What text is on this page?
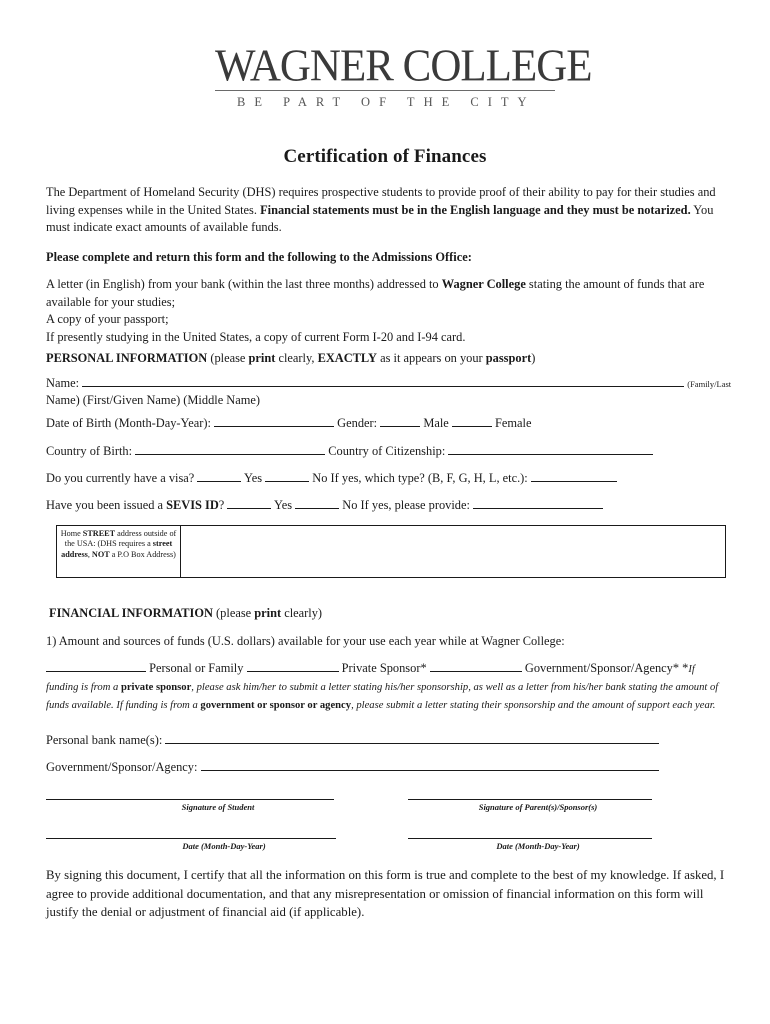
WAGNER COLLEGE
BE PART OF THE CITY
Certification of Finances
The Department of Homeland Security (DHS) requires prospective students to provide proof of their ability to pay for their studies and living expenses while in the United States. Financial statements must be in the English language and they must be notarized. You must indicate exact amounts of available funds.
Please complete and return this form and the following to the Admissions Office:
A letter (in English) from your bank (within the last three months) addressed to Wagner College stating the amount of funds that are available for your studies;
A copy of your passport;
If presently studying in the United States, a copy of current Form I-20 and I-94 card.
PERSONAL INFORMATION (please print clearly, EXACTLY as it appears on your passport)
Name:	(Family/Last
Name) (First/Given Name) (Middle Name)
Date of Birth (Month-Day-Year):	Gender:	Male	Female
Country of Birth:	Country of Citizenship:
Do you currently have a visa?	Yes	No If yes, which type? (B, F, G, H, L, etc.):
Have you been issued a SEVIS ID?	Yes	No If yes, please provide:
Home STREET address outside of the USA: (DHS requires a street address, NOT a P.O Box Address)
FINANCIAL INFORMATION (please print clearly)
1) Amount and sources of funds (U.S. dollars) available for your use each year while at Wagner College:
Personal or Family	Private Sponsor*	Government/Sponsor/Agency* *If funding is from a private sponsor, please ask him/her to submit a letter stating his/her sponsorship, as well as a letter from his/her bank stating the amount of funds available. If funding is from a government or sponsor or agency, please submit a letter stating their sponsorship and the amount of support each year.
Personal bank name(s):
Government/Sponsor/Agency:
Signature of Student	Signature of Parent(s)/Sponsor(s)
Date (Month-Day-Year)	Date (Month-Day-Year)
By signing this document, I certify that all the information on this form is true and complete to the best of my knowledge. If asked, I agree to provide additional documentation, and that any misrepresentation or omission of financial information on this form will justify the denial or adjustment of financial aid (if applicable).
